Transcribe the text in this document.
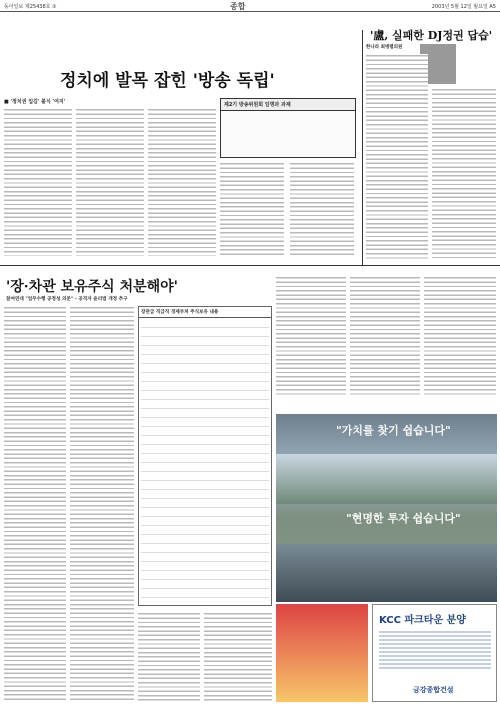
동아일보 제25438호 ②	종합	2003년 5월 12일 월요일 A5
정치에 발목 잡힌 '방송 독립'
■ '정치권 입김' 불식 '여지'	제2기 방송위원회 임명과 과제
'盧, 실패한 DJ정권 답습'
한나라 최병렬의원
'장·차관 보유주식 처분해야'
참여연대 "업무수행 공정성 의문" - 공직자 윤리법 개정 추구
장관급 직급직 경제부처 주식보유 내용
"가치를 찾기 쉽습니다"
"현명한 투자 쉽습니다"
KCC 파크타운 분양
금강종합건설
